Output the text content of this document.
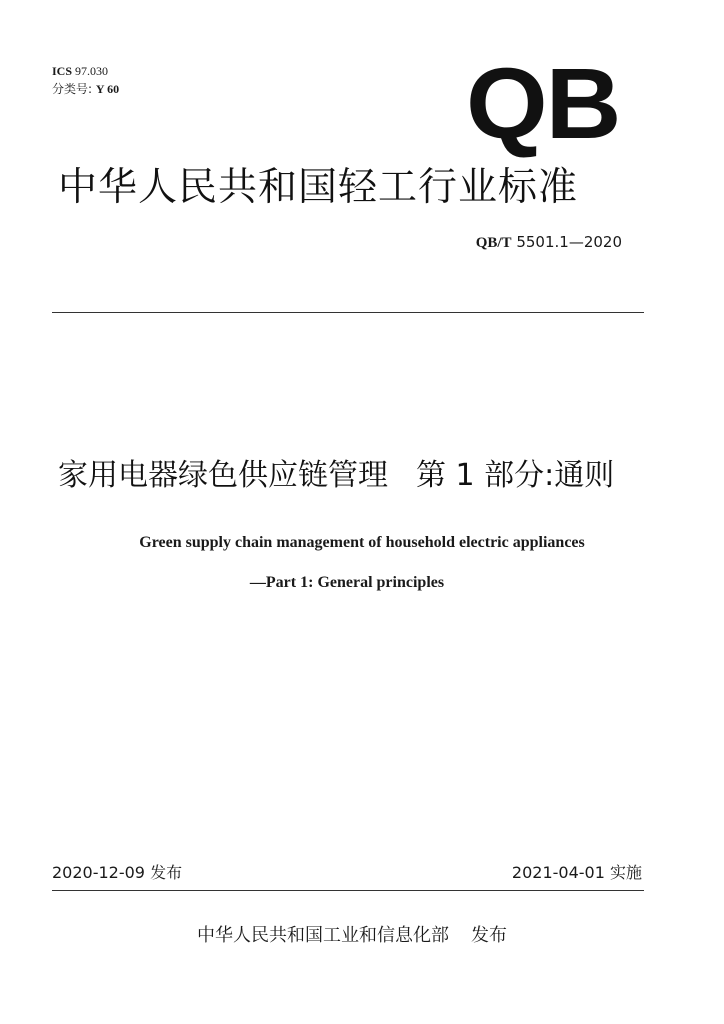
ICS 97.030
分类号: Y 60	QB
中华人民共和国轻工行业标准
QB/T 5501.1—2020
家用电器绿色供应链管理 第 1 部分:通则
Green supply chain management of household electric appliances
—Part 1: General principles
2020-12-09 发布	2021-04-01 实施
中华人民共和国工业和信息化部 发布
